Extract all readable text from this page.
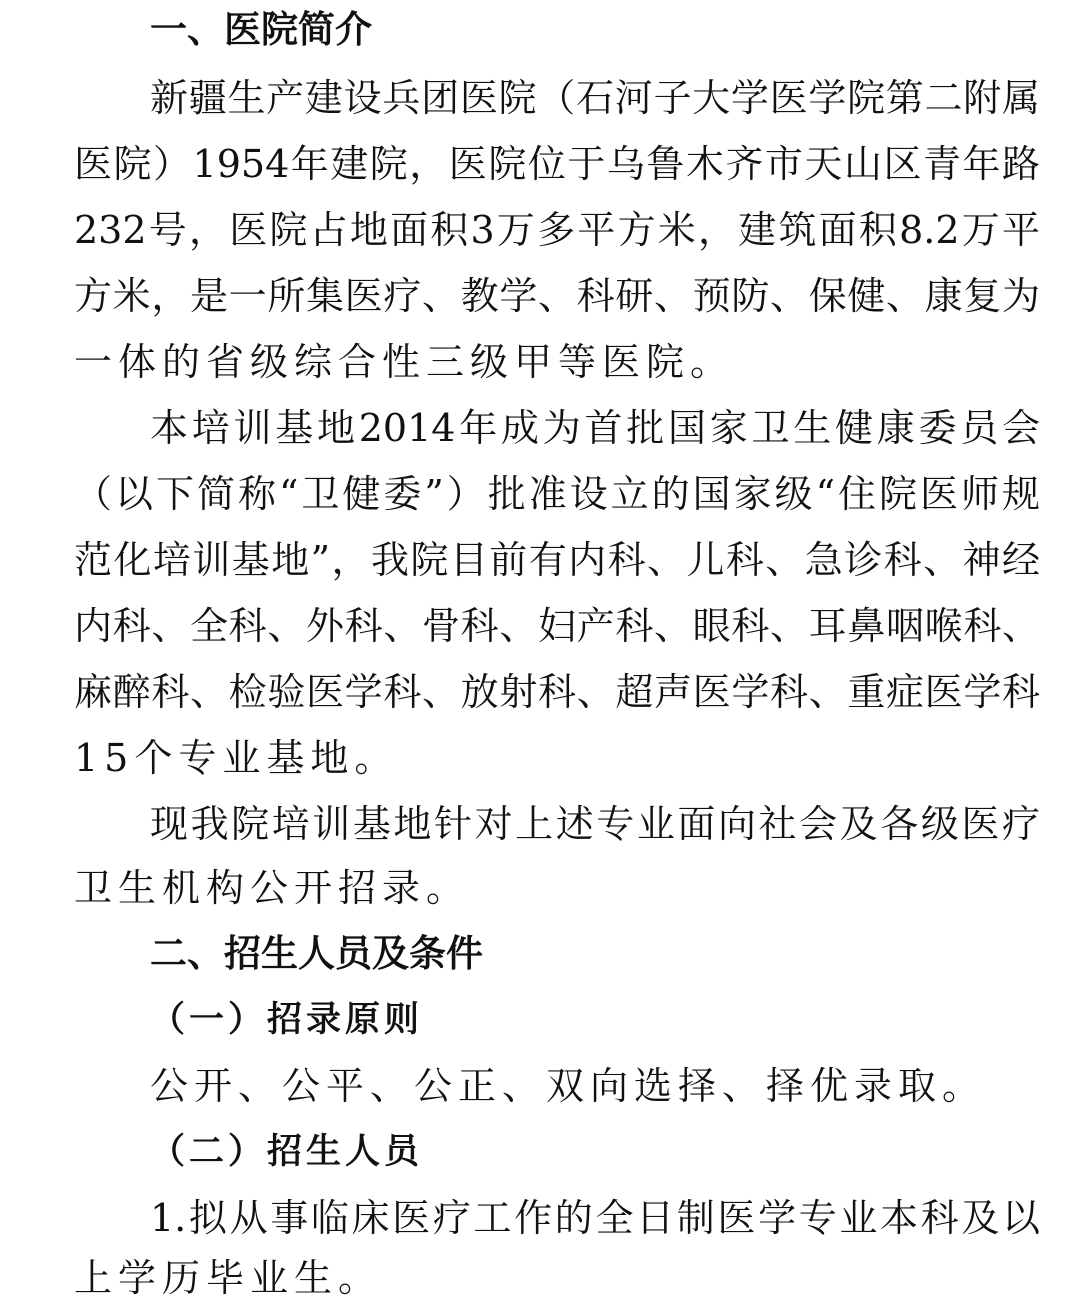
一、医院简介
新疆生产建设兵团医院（石河子大学医学院第二附属
医院）1954年建院，医院位于乌鲁木齐市天山区青年路
232号，医院占地面积3万多平方米，建筑面积8.2万平
方米，是一所集医疗、教学、科研、预防、保健、康复为
一体的省级综合性三级甲等医院。
本培训基地2014年成为首批国家卫生健康委员会
（以下简称“卫健委”）批准设立的国家级“住院医师规
范化培训基地”，我院目前有内科、儿科、急诊科、神经
内科、全科、外科、骨科、妇产科、眼科、耳鼻咽喉科、
麻醉科、检验医学科、放射科、超声医学科、重症医学科
15个专业基地。
现我院培训基地针对上述专业面向社会及各级医疗
卫生机构公开招录。
二、招生人员及条件
（一）招录原则
公开、公平、公正、双向选择、择优录取。
（二）招生人员
1.拟从事临床医疗工作的全日制医学专业本科及以
上学历毕业生。
